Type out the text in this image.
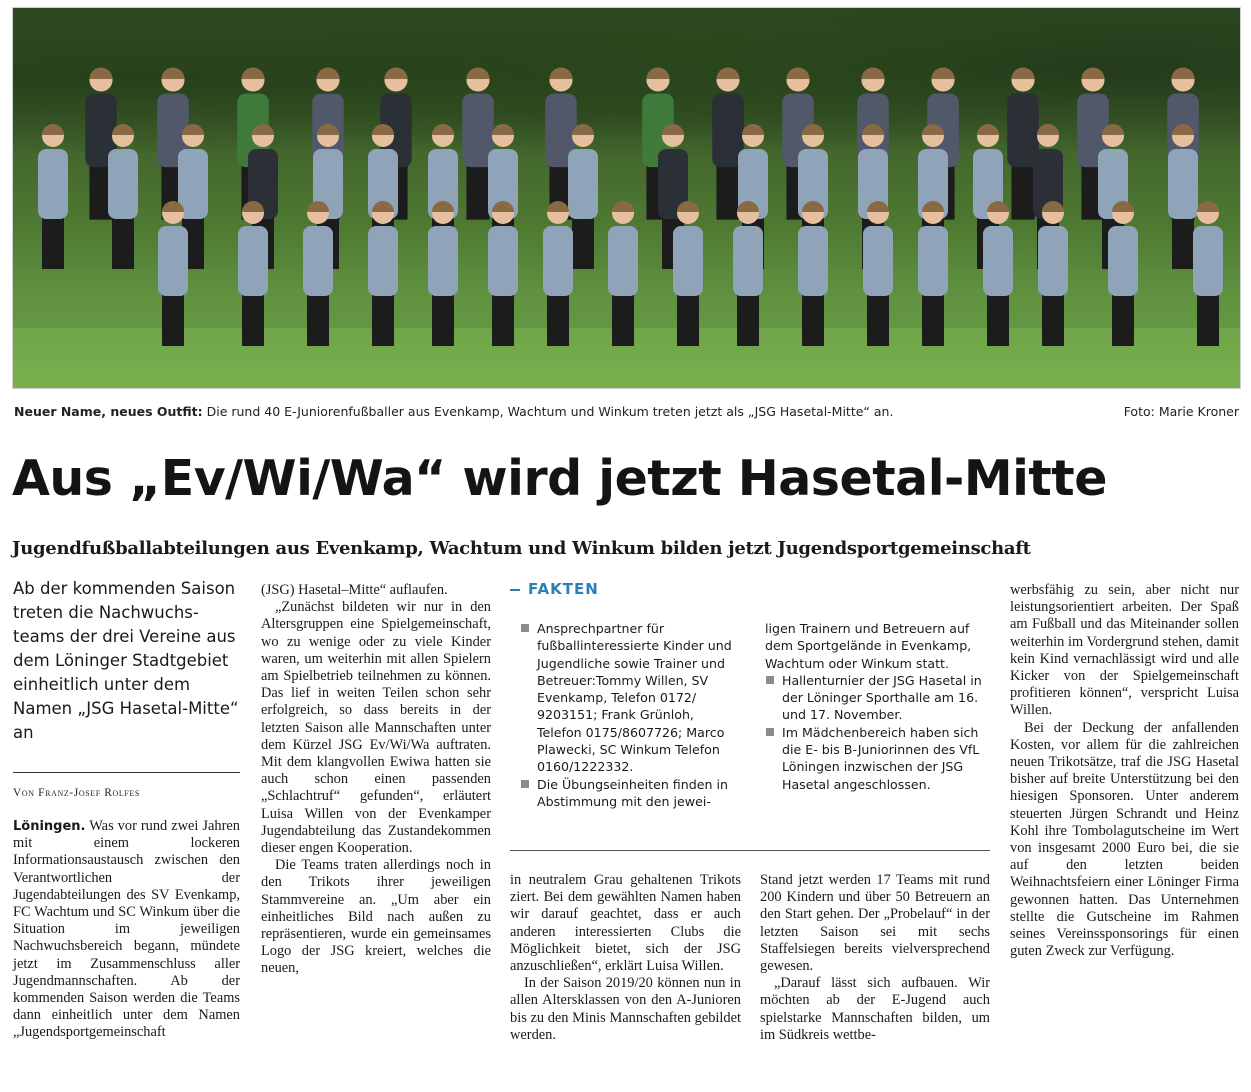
Neuer Name, neues Outfit: Die rund 40 E-Juniorenfußballer aus Evenkamp, Wachtum und Winkum treten jetzt als „JSG Hasetal-Mitte“ an.	Foto: Marie Kroner
Aus „Ev/Wi/Wa“ wird jetzt Hasetal-Mitte
Jugendfußballabteilungen aus Evenkamp, Wachtum und Winkum bilden jetzt Jugendsportgemeinschaft
Ab der kommenden Saison treten die Nachwuchsteams der drei Vereine aus dem Löninger Stadtgebiet einheitlich unter dem Namen „JSG Hasetal-Mitte“ an
Von Franz-Josef Rolfes

Löningen. Was vor rund zwei Jahren mit einem lockeren Informationsaustausch zwischen den Verantwortlichen der Jugendabteilungen des SV Evenkamp, FC Wachtum und SC Winkum über die Situation im jeweiligen Nachwuchsbereich begann, mündete jetzt im Zusammenschluss aller Jugendmannschaften. Ab der kommenden Saison werden die Teams dann einheitlich unter dem Namen „Jugendsportgemeinschaft

(JSG) Hasetal–Mitte“ auflaufen.

„Zunächst bildeten wir nur in den Altersgruppen eine Spielgemeinschaft, wo zu wenige oder zu viele Kinder waren, um weiterhin mit allen Spielern am Spielbetrieb teilnehmen zu können. Das lief in weiten Teilen schon sehr erfolgreich, so dass bereits in der letzten Saison alle Mannschaften unter dem Kürzel JSG Ev/Wi/Wa auftraten. Mit dem klangvollen Ewiwa hatten sie auch schon einen passenden „Schlachtruf“ gefunden“, erläutert Luisa Willen von der Evenkamper Jugendabteilung das Zustandekommen dieser engen Kooperation.

Die Teams traten allerdings noch in den Trikots ihrer jeweiligen Stammvereine an. „Um aber ein einheitliches Bild nach außen zu repräsentieren, wurde ein gemeinsames Logo der JSG kreiert, welches die neuen,

FAKTEN

Ansprechpartner für fußballinteressierte Kinder und Jugendliche sowie Trainer und Betreuer:Tommy Willen, SV Evenkamp, Telefon 0172/ 9203151; Frank Grünloh, Telefon 0175/8607726; Marco Plawecki, SC Winkum Telefon 0160/1222332.

Die Übungseinheiten finden in Abstimmung mit den jewei-

ligen Trainern und Betreuern auf dem Sportgelände in Evenkamp, Wachtum oder Winkum statt.

Hallenturnier der JSG Hasetal in der Löninger Sporthalle am 16. und 17. November.

Im Mädchenbereich haben sich die E- bis B-Juniorinnen des VfL Löningen inzwischen der JSG Hasetal angeschlossen.

in neutralem Grau gehaltenen Trikots ziert. Bei dem gewählten Namen haben wir darauf geachtet, dass er auch anderen interessierten Clubs die Möglichkeit bietet, sich der JSG anzuschließen“, erklärt Luisa Willen.

In der Saison 2019/20 können nun in allen Altersklassen von den A-Junioren bis zu den Minis Mannschaften gebildet werden.

Stand jetzt werden 17 Teams mit rund 200 Kindern und über 50 Betreuern an den Start gehen. Der „Probelauf“ in der letzten Saison sei mit sechs Staffelsiegen bereits vielversprechend gewesen.

„Darauf lässt sich aufbauen. Wir möchten ab der E-Jugend auch spielstarke Mannschaften bilden, um im Südkreis wettbe-

werbsfähig zu sein, aber nicht nur leistungsorientiert arbeiten. Der Spaß am Fußball und das Miteinander sollen weiterhin im Vordergrund stehen, damit kein Kind vernachlässigt wird und alle Kicker von der Spielgemeinschaft profitieren können“, verspricht Luisa Willen.

Bei der Deckung der anfallenden Kosten, vor allem für die zahlreichen neuen Trikotsätze, traf die JSG Hasetal bisher auf breite Unterstützung bei den hiesigen Sponsoren. Unter anderem steuerten Jürgen Schrandt und Heinz Kohl ihre Tombolagutscheine im Wert von insgesamt 2000 Euro bei, die sie auf den letzten beiden Weihnachtsfeiern einer Löninger Firma gewonnen hatten. Das Unternehmen stellte die Gutscheine im Rahmen seines Vereinssponsorings für einen guten Zweck zur Verfügung.
